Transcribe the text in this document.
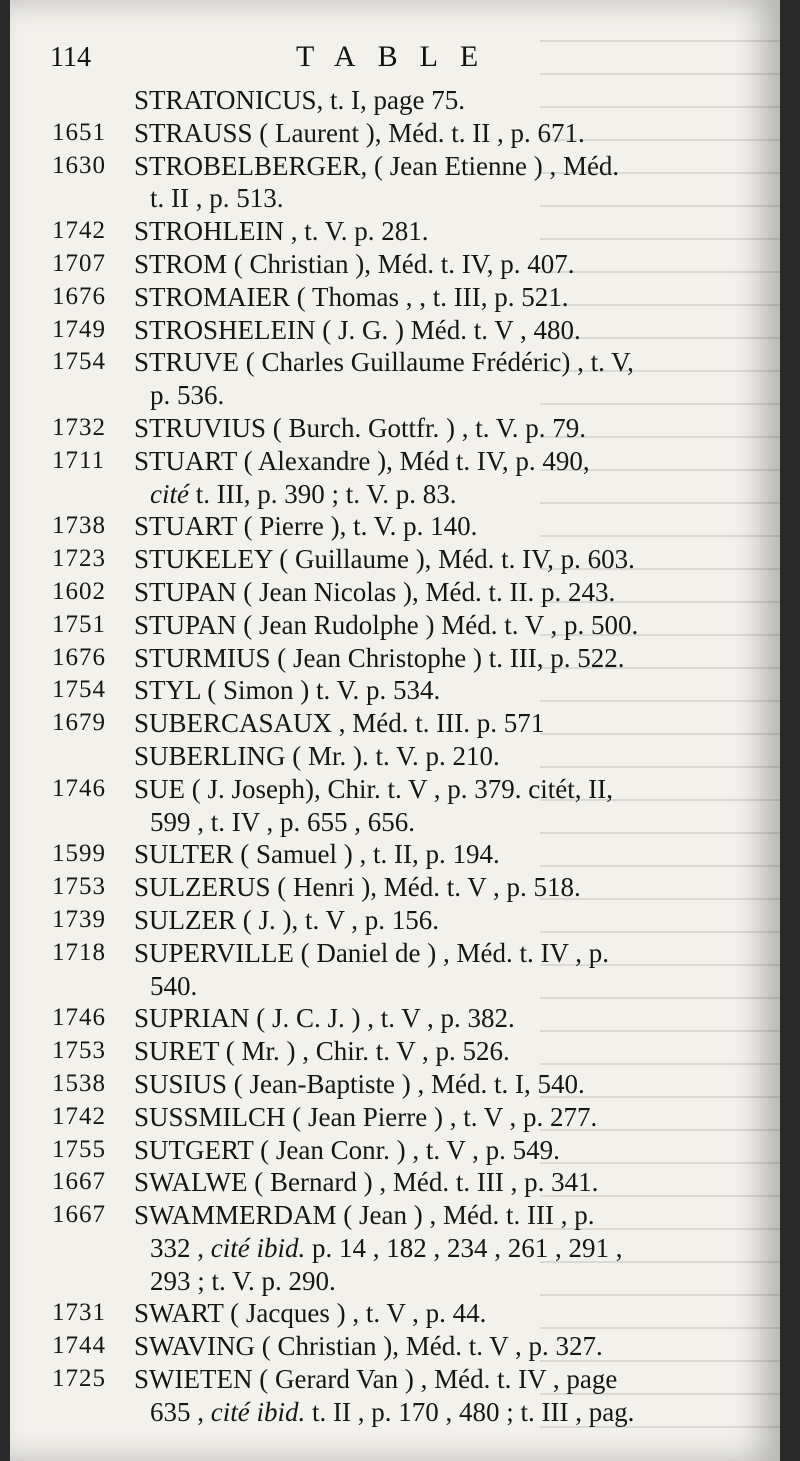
114	TABLE
STRATONICUS, t. I, page 75.
1651	STRAUSS ( Laurent ), Méd. t. II , p. 671.
1630	STROBELBERGER, ( Jean Etienne ) , Méd.
t. II , p. 513.
1742	STROHLEIN , t. V. p. 281.
1707	STROM ( Christian ), Méd. t. IV, p. 407.
1676	STROMAIER ( Thomas , , t. III, p. 521.
1749	STROSHELEIN ( J. G. ) Méd. t. V , 480.
1754	STRUVE ( Charles Guillaume Frédéric) , t. V,
p. 536.
1732	STRUVIUS ( Burch. Gottfr. ) , t. V. p. 79.
1711	STUART ( Alexandre ), Méd t. IV, p. 490,
cité t. III, p. 390 ; t. V. p. 83.
1738	STUART ( Pierre ), t. V. p. 140.
1723	STUKELEY ( Guillaume ), Méd. t. IV, p. 603.
1602	STUPAN ( Jean Nicolas ), Méd. t. II. p. 243.
1751	STUPAN ( Jean Rudolphe ) Méd. t. V , p. 500.
1676	STURMIUS ( Jean Christophe ) t. III, p. 522.
1754	STYL ( Simon ) t. V. p. 534.
1679	SUBERCASAUX , Méd. t. III. p. 571
SUBERLING ( Mr. ). t. V. p. 210.
1746	SUE ( J. Joseph), Chir. t. V , p. 379. citét, II,
599 , t. IV , p. 655 , 656.
1599	SULTER ( Samuel ) , t. II, p. 194.
1753	SULZERUS ( Henri ), Méd. t. V , p. 518.
1739	SULZER ( J. ), t. V , p. 156.
1718	SUPERVILLE ( Daniel de ) , Méd. t. IV , p.
540.
1746	SUPRIAN ( J. C. J. ) , t. V , p. 382.
1753	SURET ( Mr. ) , Chir. t. V , p. 526.
1538	SUSIUS ( Jean-Baptiste ) , Méd. t. I, 540.
1742	SUSSMILCH ( Jean Pierre ) , t. V , p. 277.
1755	SUTGERT ( Jean Conr. ) , t. V , p. 549.
1667	SWALWE ( Bernard ) , Méd. t. III , p. 341.
1667	SWAMMERDAM ( Jean ) , Méd. t. III , p.
332 , cité ibid. p. 14 , 182 , 234 , 261 , 291 ,
293 ; t. V. p. 290.
1731	SWART ( Jacques ) , t. V , p. 44.
1744	SWAVING ( Christian ), Méd. t. V , p. 327.
1725	SWIETEN ( Gerard Van ) , Méd. t. IV , page
635 , cité ibid. t. II , p. 170 , 480 ; t. III , pag.
